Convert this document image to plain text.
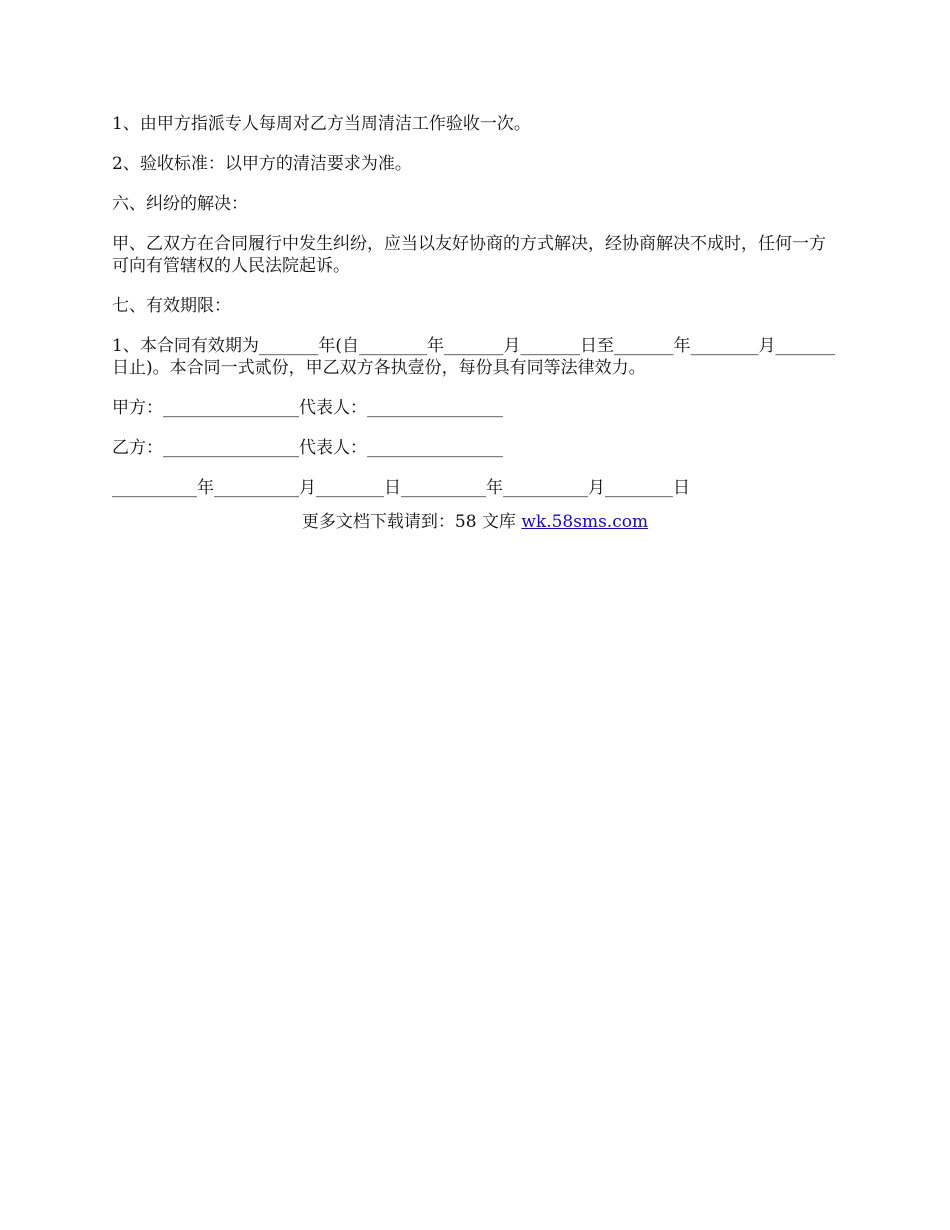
1、由甲方指派专人每周对乙方当周清洁工作验收一次。

2、验收标准：以甲方的清洁要求为准。

六、纠纷的解决：

甲、乙双方在合同履行中发生纠纷，应当以友好协商的方式解决，经协商解决不成时，任何一方可向有管辖权的人民法院起诉。

七、有效期限：

1、本合同有效期为_______年(自________年_______月_______日至_______年________月_______日止)。本合同一式贰份，甲乙双方各执壹份，每份具有同等法律效力。

甲方：________________代表人：________________

乙方：________________代表人：________________

__________年__________月________日__________年__________月________日

更多文档下载请到：58 文库 wk.58sms.com
